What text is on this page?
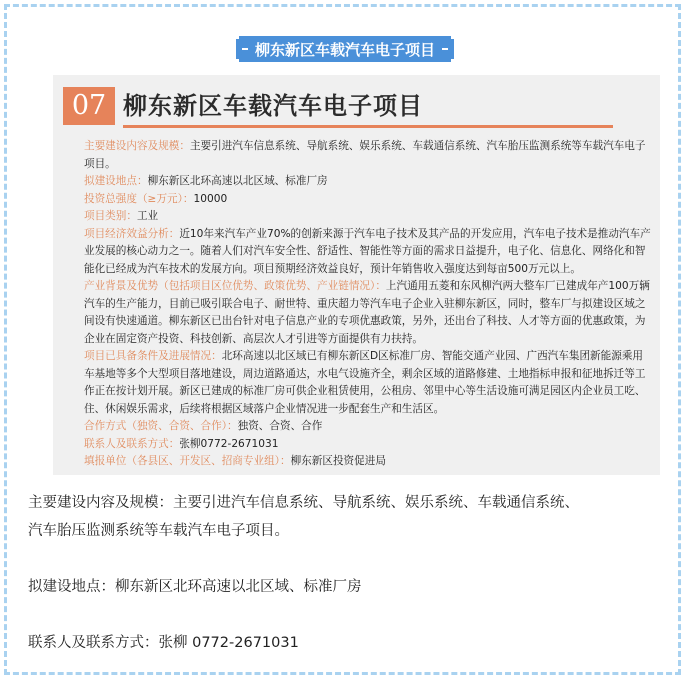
柳东新区车载汽车电子项目
07 柳东新区车载汽车电子项目

主要建设内容及规模：主要引进汽车信息系统、导航系统、娱乐系统、车载通信系统、汽车胎压监测系统等车载汽车电子项目。

拟建设地点：柳东新区北环高速以北区域、标准厂房

投资总强度（≥万元）：10000

项目类别：工业

项目经济效益分析：近10年来汽车产业70%的创新来源于汽车电子技术及其产品的开发应用，汽车电子技术是推动汽车产业发展的核心动力之一。随着人们对汽车安全性、舒适性、智能性等方面的需求日益提升，电子化、信息化、网络化和智能化已经成为汽车技术的发展方向。项目预期经济效益良好，预计年销售收入强度达到每亩500万元以上。

产业背景及优势（包括项目区位优势、政策优势、产业链情况）：上汽通用五菱和东风柳汽两大整车厂已建成年产100万辆汽车的生产能力，目前已吸引联合电子、耐世特、重庆超力等汽车电子企业入驻柳东新区，同时，整车厂与拟建设区域之间设有快速通道。柳东新区已出台针对电子信息产业的专项优惠政策，另外，还出台了科技、人才等方面的优惠政策，为企业在固定资产投资、科技创新、高层次人才引进等方面提供有力扶持。

项目已具备条件及进展情况：北环高速以北区域已有柳东新区D区标准厂房、智能交通产业园、广西汽车集团新能源乘用车基地等多个大型项目落地建设，周边道路通达，水电气设施齐全，剩余区域的道路修建、土地指标申报和征地拆迁等工作正在按计划开展。新区已建成的标准厂房可供企业租赁使用，公租房、邻里中心等生活设施可满足园区内企业员工吃、住、休闲娱乐需求，后续将根据区域落户企业情况进一步配套生产和生活区。

合作方式（独资、合资、合作）：独资、合资、合作

联系人及联系方式：张柳0772-2671031

填报单位（各县区、开发区、招商专业组）：柳东新区投资促进局

主要建设内容及规模：主要引进汽车信息系统、导航系统、娱乐系统、车载通信系统、
汽车胎压监测系统等车载汽车电子项目。
拟建设地点：柳东新区北环高速以北区域、标准厂房
联系人及联系方式：张柳 0772-2671031
